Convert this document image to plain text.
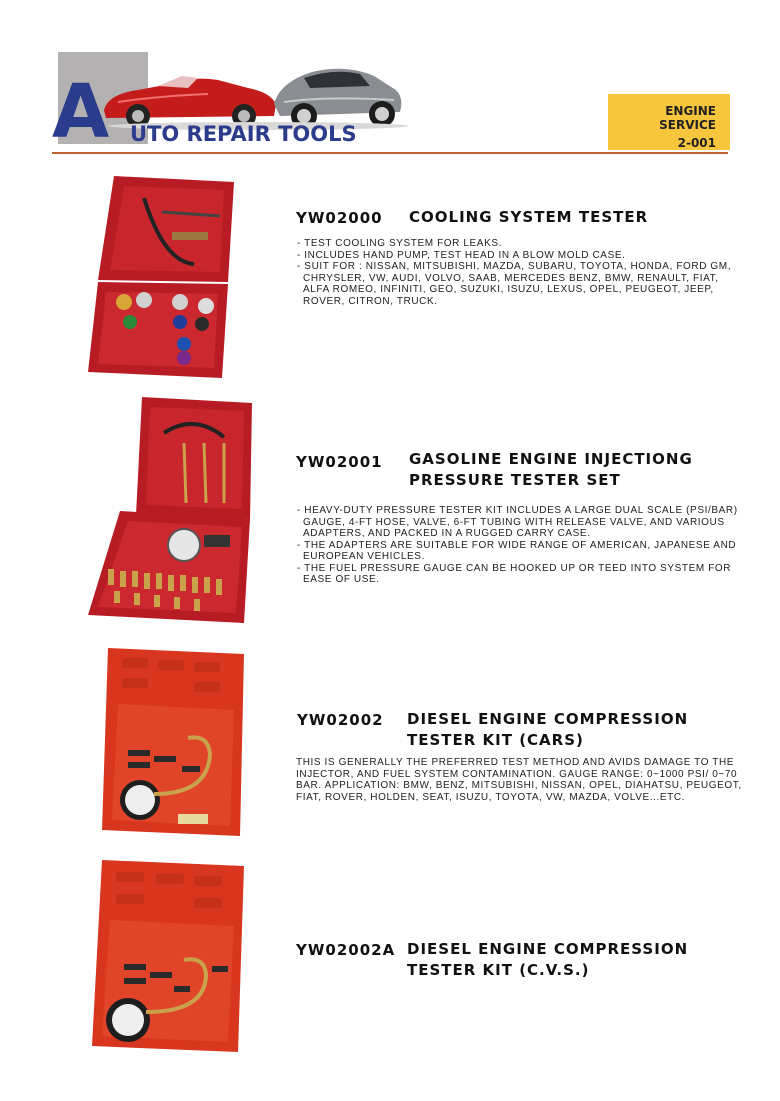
A UTO REPAIR TOOLS
ENGINE
SERVICE
2-001
YW02000 COOLING SYSTEM TESTER
- TEST COOLING SYSTEM FOR LEAKS.
- INCLUDES HAND PUMP, TEST HEAD IN A BLOW MOLD CASE.
- SUIT FOR : NISSAN, MITSUBISHI, MAZDA, SUBARU, TOYOTA, HONDA, FORD GM,
CHRYSLER, VW, AUDI, VOLVO, SAAB, MERCEDES BENZ, BMW, RENAULT, FIAT,
ALFA ROMEO, INFINITI, GEO, SUZUKI, ISUZU, LEXUS, OPEL, PEUGEOT, JEEP,
ROVER, CITRON, TRUCK.
YW02001 GASOLINE ENGINE INJECTIONG
PRESSURE TESTER SET
- HEAVY-DUTY PRESSURE TESTER KIT INCLUDES A LARGE DUAL SCALE (PSI/BAR)
GAUGE, 4-FT HOSE, VALVE, 6-FT TUBING WITH RELEASE VALVE, AND VARIOUS
ADAPTERS, AND PACKED IN A RUGGED CARRY CASE.
- THE ADAPTERS ARE SUITABLE FOR WIDE RANGE OF AMERICAN, JAPANESE AND
EUROPEAN VEHICLES.
- THE FUEL PRESSURE GAUGE CAN BE HOOKED UP OR TEED INTO SYSTEM FOR
EASE OF USE.
YW02002 DIESEL ENGINE COMPRESSION
TESTER KIT (CARS)
THIS IS GENERALLY THE PREFERRED TEST METHOD AND AVIDS DAMAGE TO THE
INJECTOR, AND FUEL SYSTEM CONTAMINATION. GAUGE RANGE: 0~1000 PSI/ 0~70
BAR. APPLICATION: BMW, BENZ, MITSUBISHI, NISSAN, OPEL, DIAHATSU, PEUGEOT,
FIAT, ROVER, HOLDEN, SEAT, ISUZU, TOYOTA, VW, MAZDA, VOLVE...ETC.
YW02002A DIESEL ENGINE COMPRESSION
TESTER KIT (C.V.S.)
